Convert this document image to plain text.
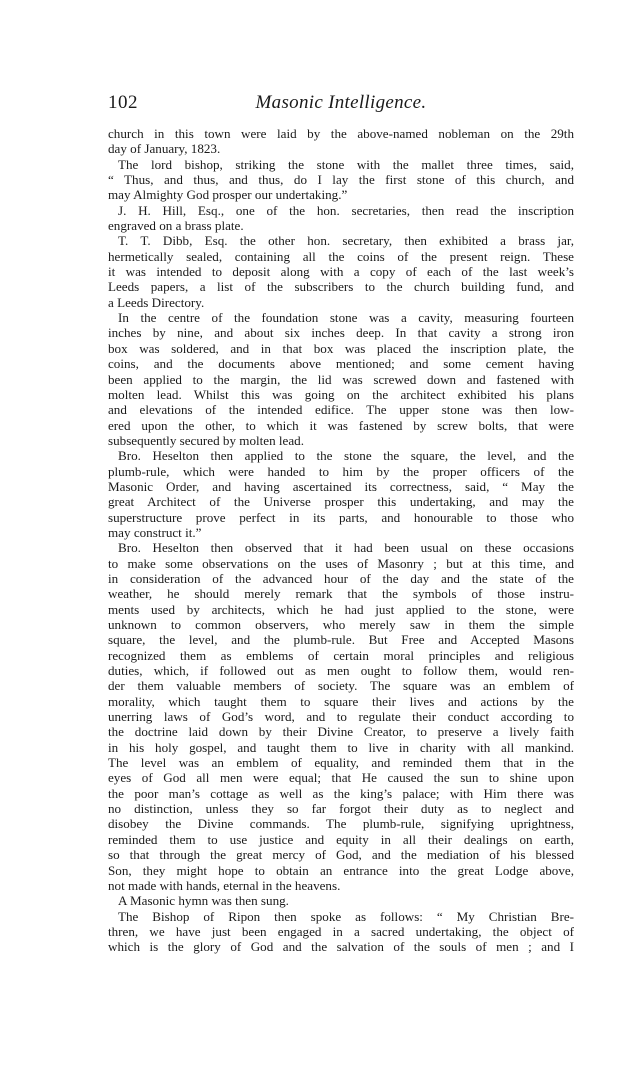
102	Masonic Intelligence.
church in this town were laid by the above-named nobleman on the 29th
day of January, 1823.
The lord bishop, striking the stone with the mallet three times, said,
“ Thus, and thus, and thus, do I lay the first stone of this church, and
may Almighty God prosper our undertaking.”
J. H. Hill, Esq., one of the hon. secretaries, then read the inscription
engraved on a brass plate.
T. T. Dibb, Esq. the other hon. secretary, then exhibited a brass jar,
hermetically sealed, containing all the coins of the present reign. These
it was intended to deposit along with a copy of each of the last week’s
Leeds papers, a list of the subscribers to the church building fund, and
a Leeds Directory.
In the centre of the foundation stone was a cavity, measuring fourteen
inches by nine, and about six inches deep. In that cavity a strong iron
box was soldered, and in that box was placed the inscription plate, the
coins, and the documents above mentioned; and some cement having
been applied to the margin, the lid was screwed down and fastened with
molten lead. Whilst this was going on the architect exhibited his plans
and elevations of the intended edifice. The upper stone was then low-
ered upon the other, to which it was fastened by screw bolts, that were
subsequently secured by molten lead.
Bro. Heselton then applied to the stone the square, the level, and the
plumb-rule, which were handed to him by the proper officers of the
Masonic Order, and having ascertained its correctness, said, “ May the
great Architect of the Universe prosper this undertaking, and may the
superstructure prove perfect in its parts, and honourable to those who
may construct it.”
Bro. Heselton then observed that it had been usual on these occasions
to make some observations on the uses of Masonry ; but at this time, and
in consideration of the advanced hour of the day and the state of the
weather, he should merely remark that the symbols of those instru-
ments used by architects, which he had just applied to the stone, were
unknown to common observers, who merely saw in them the simple
square, the level, and the plumb-rule. But Free and Accepted Masons
recognized them as emblems of certain moral principles and religious
duties, which, if followed out as men ought to follow them, would ren-
der them valuable members of society. The square was an emblem of
morality, which taught them to square their lives and actions by the
unerring laws of God’s word, and to regulate their conduct according to
the doctrine laid down by their Divine Creator, to preserve a lively faith
in his holy gospel, and taught them to live in charity with all mankind.
The level was an emblem of equality, and reminded them that in the
eyes of God all men were equal; that He caused the sun to shine upon
the poor man’s cottage as well as the king’s palace; with Him there was
no distinction, unless they so far forgot their duty as to neglect and
disobey the Divine commands. The plumb-rule, signifying uprightness,
reminded them to use justice and equity in all their dealings on earth,
so that through the great mercy of God, and the mediation of his blessed
Son, they might hope to obtain an entrance into the great Lodge above,
not made with hands, eternal in the heavens.
A Masonic hymn was then sung.
The Bishop of Ripon then spoke as follows: “ My Christian Bre-
thren, we have just been engaged in a sacred undertaking, the object of
which is the glory of God and the salvation of the souls of men ; and I
